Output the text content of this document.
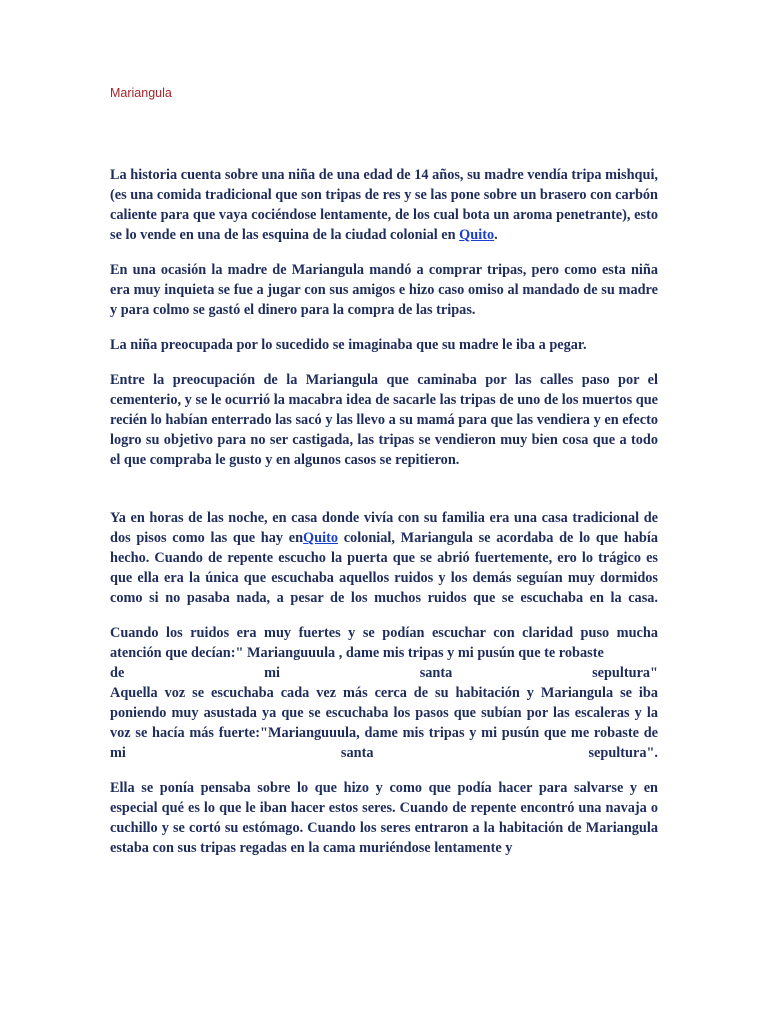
Mariangula

La historia cuenta sobre una niña de una edad de 14 años, su madre vendía tripa mishqui, (es una comida tradicional que son tripas de res y se las pone sobre un brasero con carbón caliente para que vaya cociéndose lentamente, de los cual bota un aroma penetrante), esto se lo vende en una de las esquina de la ciudad colonial en Quito.

En una ocasión la madre de Mariangula mandó a comprar tripas, pero como esta niña era muy inquieta se fue a jugar con sus amigos e hizo caso omiso al mandado de su madre y para colmo se gastó el dinero para la compra de las tripas.

La niña preocupada por lo sucedido se imaginaba que su madre le iba a pegar.

Entre la preocupación de la Mariangula que caminaba por las calles paso por el cementerio, y se le ocurrió la macabra idea de sacarle las tripas de uno de los muertos que recién lo habían enterrado las sacó y las llevo a su mamá para que las vendiera y en efecto logro su objetivo para no ser castigada, las tripas se vendieron muy bien cosa que a todo el que compraba le gusto y en algunos casos se repitieron.

Ya en horas de las noche, en casa donde vivía con su familia era una casa tradicional de dos pisos como las que hay enQuito colonial, Mariangula se acordaba de lo que había hecho. Cuando de repente escucho la puerta que se abrió fuertemente, ero lo trágico es que ella era la única que escuchaba aquellos ruidos y los demás seguían muy dormidos como si no pasaba nada, a pesar de los muchos ruidos que se escuchaba en la casa.

Cuando los ruidos era muy fuertes y se podían escuchar con claridad puso mucha atención que decían:" Marianguuula , dame mis tripas y mi pusún que te robaste
de mi santa sepultura"
Aquella voz se escuchaba cada vez más cerca de su habitación y Mariangula se iba poniendo muy asustada ya que se escuchaba los pasos que subían por las escaleras y la voz se hacía más fuerte:"Marianguuula, dame mis tripas y mi pusún que me robaste de mi santa sepultura".

Ella se ponía pensaba sobre lo que hizo y como que podía hacer para salvarse y en especial qué es lo que le iban hacer estos seres. Cuando de repente encontró una navaja o cuchillo y se cortó su estómago. Cuando los seres entraron a la habitación de Mariangula estaba con sus tripas regadas en la cama muriéndose lentamente y
